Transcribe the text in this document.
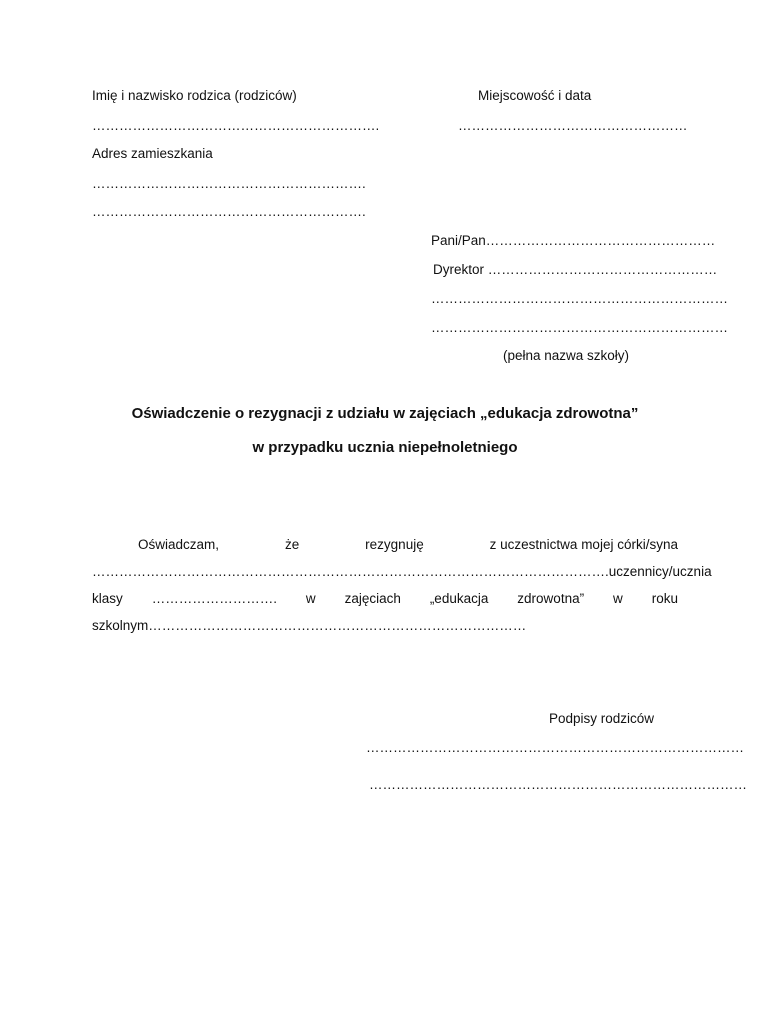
Imię i nazwisko rodzica (rodziców)
……………………………………………………….
Adres zamieszkania
…………………………………………………….
…………………………………………………….
Miejscowość i data
……………………………………………
Pani/Pan……………………………………………
Dyrektor ……………………………………………
…………………………………………………………
…………………………………………………………
(pełna nazwa szkoły)
Oświadczenie o rezygnacji z udziału w zajęciach „edukacja zdrowotna”
w przypadku ucznia niepełnoletniego
Oświadczam,	że	rezygnuję	z uczestnictwa mojej córki/syna
……………………………………………………………………………………………………. uczennicy/ucznia
klasy ………………………. w zajęciach „edukacja zdrowotna” w roku
szkolnym…………………………………………………………………………
Podpisy rodziców
…………………………………………………………………………
…………………………………………………………………………
